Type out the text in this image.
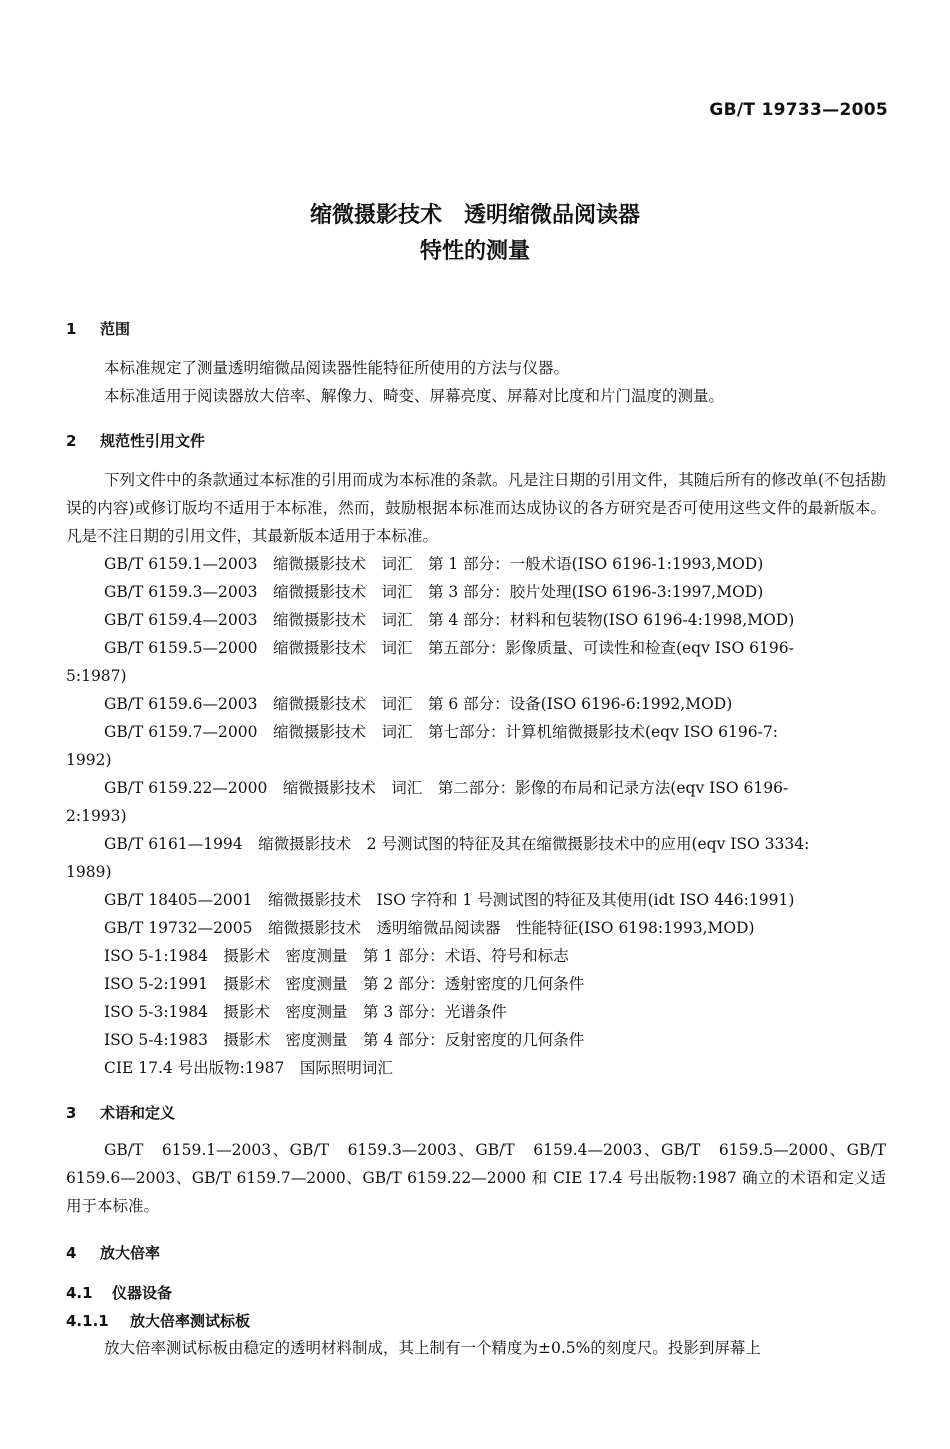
GB/T 19733—2005
缩微摄影技术　透明缩微品阅读器
特性的测量
1 范围
本标准规定了测量透明缩微品阅读器性能特征所使用的方法与仪器。
本标准适用于阅读器放大倍率、解像力、畸变、屏幕亮度、屏幕对比度和片门温度的测量。
2 规范性引用文件
下列文件中的条款通过本标准的引用而成为本标准的条款。凡是注日期的引用文件，其随后所有的修改单(不包括勘误的内容)或修订版均不适用于本标准，然而，鼓励根据本标准而达成协议的各方研究是否可使用这些文件的最新版本。凡是不注日期的引用文件，其最新版本适用于本标准。
GB/T 6159.1—2003　缩微摄影技术　词汇　第 1 部分：一般术语(ISO 6196-1:1993,MOD)
GB/T 6159.3—2003　缩微摄影技术　词汇　第 3 部分：胶片处理(ISO 6196-3:1997,MOD)
GB/T 6159.4—2003　缩微摄影技术　词汇　第 4 部分：材料和包装物(ISO 6196-4:1998,MOD)
GB/T 6159.5—2000　缩微摄影技术　词汇　第五部分：影像质量、可读性和检查(eqv ISO 6196-
5:1987)
GB/T 6159.6—2003　缩微摄影技术　词汇　第 6 部分：设备(ISO 6196-6:1992,MOD)
GB/T 6159.7—2000　缩微摄影技术　词汇　第七部分：计算机缩微摄影技术(eqv ISO 6196-7:
1992)
GB/T 6159.22—2000　缩微摄影技术　词汇　第二部分：影像的布局和记录方法(eqv ISO 6196-
2:1993)
GB/T 6161—1994　缩微摄影技术　2 号测试图的特征及其在缩微摄影技术中的应用(eqv ISO 3334:
1989)
GB/T 18405—2001　缩微摄影技术　ISO 字符和 1 号测试图的特征及其使用(idt ISO 446:1991)
GB/T 19732—2005　缩微摄影技术　透明缩微品阅读器　性能特征(ISO 6198:1993,MOD)
ISO 5-1:1984　摄影术　密度测量　第 1 部分：术语、符号和标志
ISO 5-2:1991　摄影术　密度测量　第 2 部分：透射密度的几何条件
ISO 5-3:1984　摄影术　密度测量　第 3 部分：光谱条件
ISO 5-4:1983　摄影术　密度测量　第 4 部分：反射密度的几何条件
CIE 17.4 号出版物:1987　国际照明词汇
3 术语和定义
GB/T　6159.1—2003、GB/T　6159.3—2003、GB/T　6159.4—2003、GB/T　6159.5—2000、GB/T 6159.6—2003、GB/T 6159.7—2000、GB/T 6159.22—2000 和 CIE 17.4 号出版物:1987 确立的术语和定义适用于本标准。
4 放大倍率
4.1 仪器设备
4.1.1 放大倍率测试标板
放大倍率测试标板由稳定的透明材料制成，其上制有一个精度为±0.5%的刻度尺。投影到屏幕上
